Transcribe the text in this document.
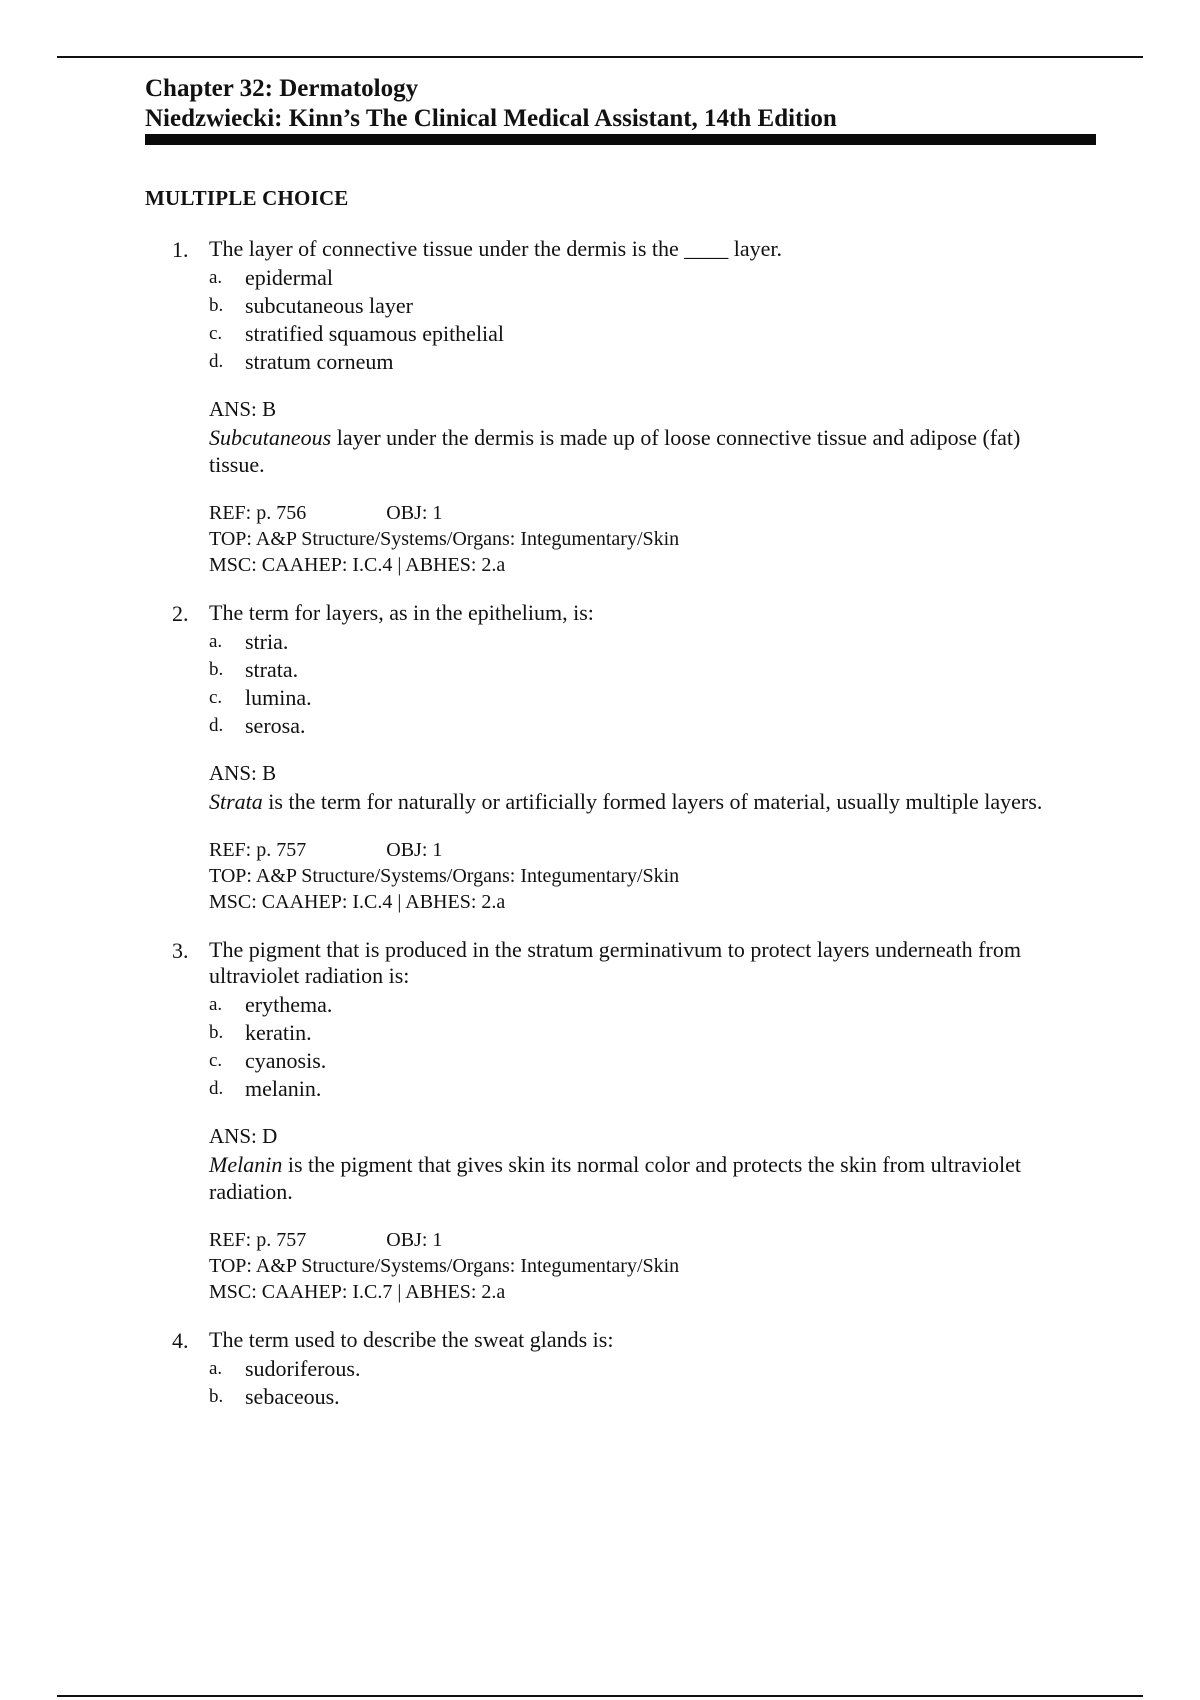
Chapter 32: Dermatology
Niedzwiecki: Kinn’s The Clinical Medical Assistant, 14th Edition
MULTIPLE CHOICE
1. The layer of connective tissue under the dermis is the ____ layer.
a.	epidermal
b. subcutaneous layer
c.	stratified squamous epithelial
d. stratum corneum
ANS: B
Subcutaneous layer under the dermis is made up of loose connective tissue and adipose (fat) tissue.
REF: p. 756	OBJ: 1
TOP: A&P Structure/Systems/Organs: Integumentary/Skin
MSC: CAAHEP: I.C.4 | ABHES: 2.a
2. The term for layers, as in the epithelium, is:
a.	stria.
b. strata.
c.	lumina.
d. serosa.
ANS: B
Strata is the term for naturally or artificially formed layers of material, usually multiple layers.
REF: p. 757	OBJ: 1
TOP: A&P Structure/Systems/Organs: Integumentary/Skin
MSC: CAAHEP: I.C.4 | ABHES: 2.a
3. The pigment that is produced in the stratum germinativum to protect layers underneath from ultraviolet radiation is:
a.	erythema.
b. keratin.
c.	cyanosis.
d. melanin.
ANS: D
Melanin is the pigment that gives skin its normal color and protects the skin from ultraviolet radiation.
REF: p. 757	OBJ: 1
TOP: A&P Structure/Systems/Organs: Integumentary/Skin
MSC: CAAHEP: I.C.7 | ABHES: 2.a
4. The term used to describe the sweat glands is:
a.	sudoriferous.
b. sebaceous.
